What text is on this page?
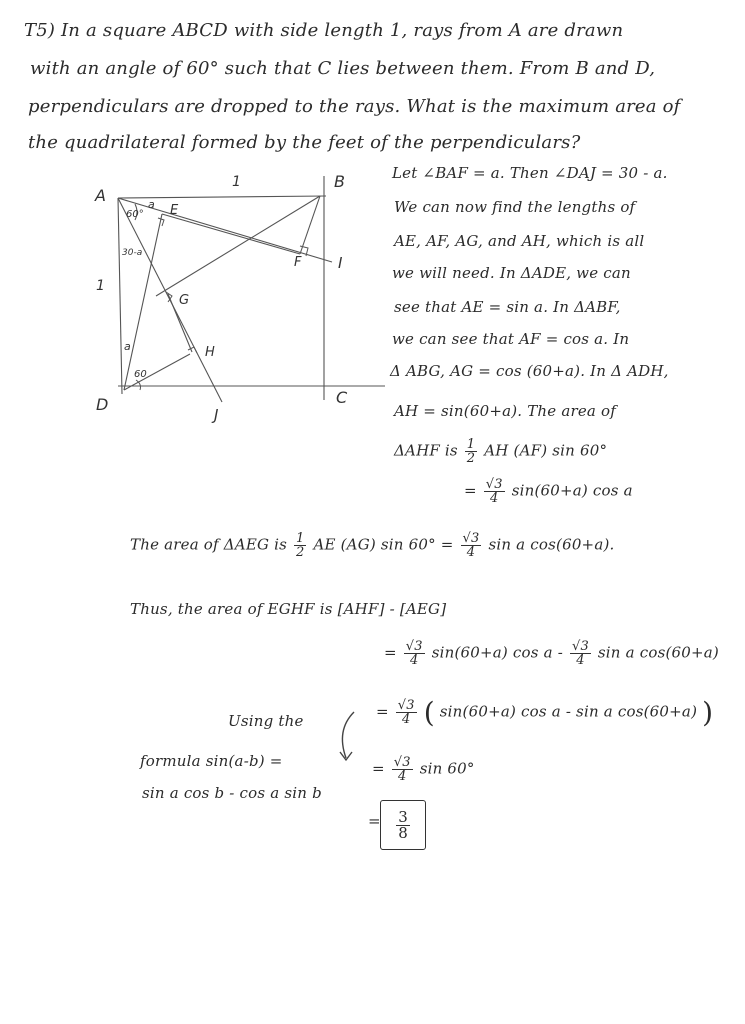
T5) In a square ABCD with side length 1, rays from A are drawn
with an angle of 60° such that C lies between them. From B and D,
perpendiculars are dropped to the rays. What is the maximum area of
the quadrilateral formed by the feet of the perpendiculars?
A
B
C
D
E
F
G
H
I
J
1
1
a
60°
30-a
a
60
Let ∠BAF = a. Then ∠DAJ = 30 - a.
We can now find the lengths of
AE, AF, AG, and AH, which is all
we will need. In ΔADE, we can
see that AE = sin a. In ΔABF,
we can see that AF = cos a. In
Δ ABG, AG = cos (60+a). In Δ ADH,
AH = sin(60+a). The area of
ΔAHF is $\frac{1}{2}$ AH (AF) sin 60°
= $\frac{√3}{4} \sin(60+a)$ cos a
The area of ΔAEG is $\frac{1}{2}$ AE (AG) $\sin 60^\circ = \frac{√3}{4}$ sin a cos(60+a).
Thus, the area of EGHF is [AHF] - [AEG]
= $\frac{√3}{4} \sin(60+a)$ cos a - $\frac{√3}{4}$ sin a cos(60+a)
Using the
formula sin(a-b) =
sin a cos b - cos a sin b
= $\frac{√3}{4}$ ( sin(60+a) cos a - sin a cos(60+a) )
= $\frac{√3}{4}$ sin 60°
= $\frac{3}{8}$
